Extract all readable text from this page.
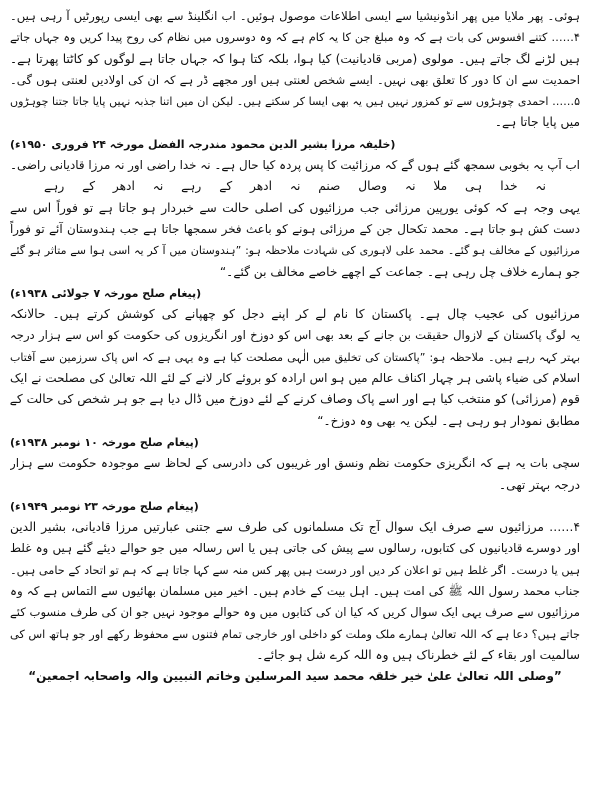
ہوئی۔ پھر ملایا میں پھر انڈونیشیا سے ایسی اطلاعات موصول ہوئیں۔ اب انگلینڈ سے بھی ایسی رپورٹیں آ رہی ہیں۔
۴…… کتنے افسوس کی بات ہے کہ وہ مبلغ جن کا یہ کام ہے کہ وہ دوسروں میں نظام کی روح پیدا کریں وہ جہاں جاتے
ہیں لڑنے لگ جاتے ہیں۔ مولوی (مربی قادیانیت) کیا ہوا، بلکہ کتا ہوا کہ جہاں جاتا ہے لوگوں کو کاٹتا پھرتا ہے۔
احمدیت سے ان کا دور کا تعلق بھی نہیں۔ ایسے شخص لعنتی ہیں اور مجھے ڈر ہے کہ ان کی اولادیں لعنتی ہوں گی۔
۵…… احمدی چوہڑوں سے تو کمزور نہیں ہیں یہ بھی ایسا کر سکتے ہیں۔ لیکن ان میں اتنا جذبہ نہیں پایا جاتا جتنا چوہڑوں
میں پایا جاتا ہے۔
(خلیفہ مرزا بشیر الدین محمود مندرجہ الفضل مورخہ ۲۴ فروری ۱۹۵۰ء)
اب آپ یہ بخوبی سمجھ گئے ہوں گے کہ مرزائیت کا پس پردہ کیا حال ہے۔ نہ خدا راضی اور نہ مرزا قادیانی راضی۔
نہ خدا ہی ملا نہ وصال صنم نہ ادھر کے رہے نہ ادھر کے رہے
یہی وجہ ہے کہ کوئی یورپین مرزائی جب مرزائیوں کی اصلی حالت سے خبردار ہو جاتا ہے تو فوراً اس سے
دست کش ہو جاتا ہے۔ محمد تکحال جن کے مرزائی ہونے کو باعث فخر سمجھا جاتا ہے جب ہندوستان آئے تو فوراً
مرزائیوں کے مخالف ہو گئے۔ محمد علی لاہوری کی شہادت ملاحظہ ہو: ”ہندوستان میں آ کر یہ اسی ہوا سے متاثر ہو گئے
جو ہمارے خلاف چل رہی ہے۔ جماعت کے اچھے خاصے مخالف بن گئے۔“
(پیغام صلح مورخہ ۷ جولائی ۱۹۳۸ء)
مرزائیوں کی عجیب چال ہے۔ پاکستان کا نام لے کر اپنے دجل کو چھپانے کی کوشش کرتے ہیں۔ حالانکہ
یہ لوگ پاکستان کے لازوال حقیقت بن جانے کے بعد بھی اس کو دوزخ اور انگریزوں کی حکومت کو اس سے ہزار درجہ
بہتر کہہ رہے ہیں۔ ملاحظہ ہو: ”پاکستان کی تخلیق میں الٰہی مصلحت کیا ہے وہ یہی ہے کہ اس پاک سرزمین سے آفتاب
اسلام کی ضیاء پاشی ہر چہار اکناف عالم میں ہو اس ارادہ کو بروئے کار لانے کے لئے اللہ تعالیٰ کی مصلحت نے ایک
قوم (مرزائی) کو منتخب کیا ہے اور اسے پاک وصاف کرنے کے لئے دوزخ میں ڈال دیا ہے جو ہر شخص کی حالت کے
مطابق نمودار ہو رہی ہے۔ لیکن یہ بھی وہ دوزخ۔“
(پیغام صلح مورخہ ۱۰ نومبر ۱۹۳۸ء)
سچی بات یہ ہے کہ انگریزی حکومت نظم ونسق اور غریبوں کی دادرسی کے لحاظ سے موجودہ حکومت سے ہزار
درجہ بہتر تھی۔
(پیغام صلح مورخہ ۲۳ نومبر ۱۹۴۹ء)
۴…… مرزائیوں سے صرف ایک سوال آج تک مسلمانوں کی طرف سے جتنی عبارتیں مرزا قادیانی، بشیر الدین
اور دوسرے قادیانیوں کی کتابوں، رسالوں سے پیش کی جاتی ہیں یا اس رسالہ میں جو حوالے دیئے گئے ہیں وہ غلط
ہیں یا درست۔ اگر غلط ہیں تو اعلان کر دیں اور درست ہیں پھر کس منہ سے کہا جاتا ہے کہ ہم تو اتحاد کے حامی ہیں۔
جناب محمد رسول اللہ ﷺ کی امت ہیں۔ اہل بیت کے خادم ہیں۔ اخیر میں مسلمان بھائیوں سے التماس ہے کہ وہ
مرزائیوں سے صرف یہی ایک سوال کریں کہ کیا ان کی کتابوں میں وہ حوالے موجود نہیں جو ان کی طرف منسوب کئے
جاتے ہیں؟ دعا ہے کہ اللہ تعالیٰ ہمارے ملک وملت کو داخلی اور خارجی تمام فتنوں سے محفوظ رکھے اور جو ہاتھ اس کی
سالمیت اور بقاء کے لئے خطرناک ہیں وہ اللہ کرے شل ہو جائے۔
”وصلی اللہ تعالیٰ علیٰ خیر خلقہ محمد سید المرسلین وخاتم النبیین والہ واصحابہ اجمعین“
